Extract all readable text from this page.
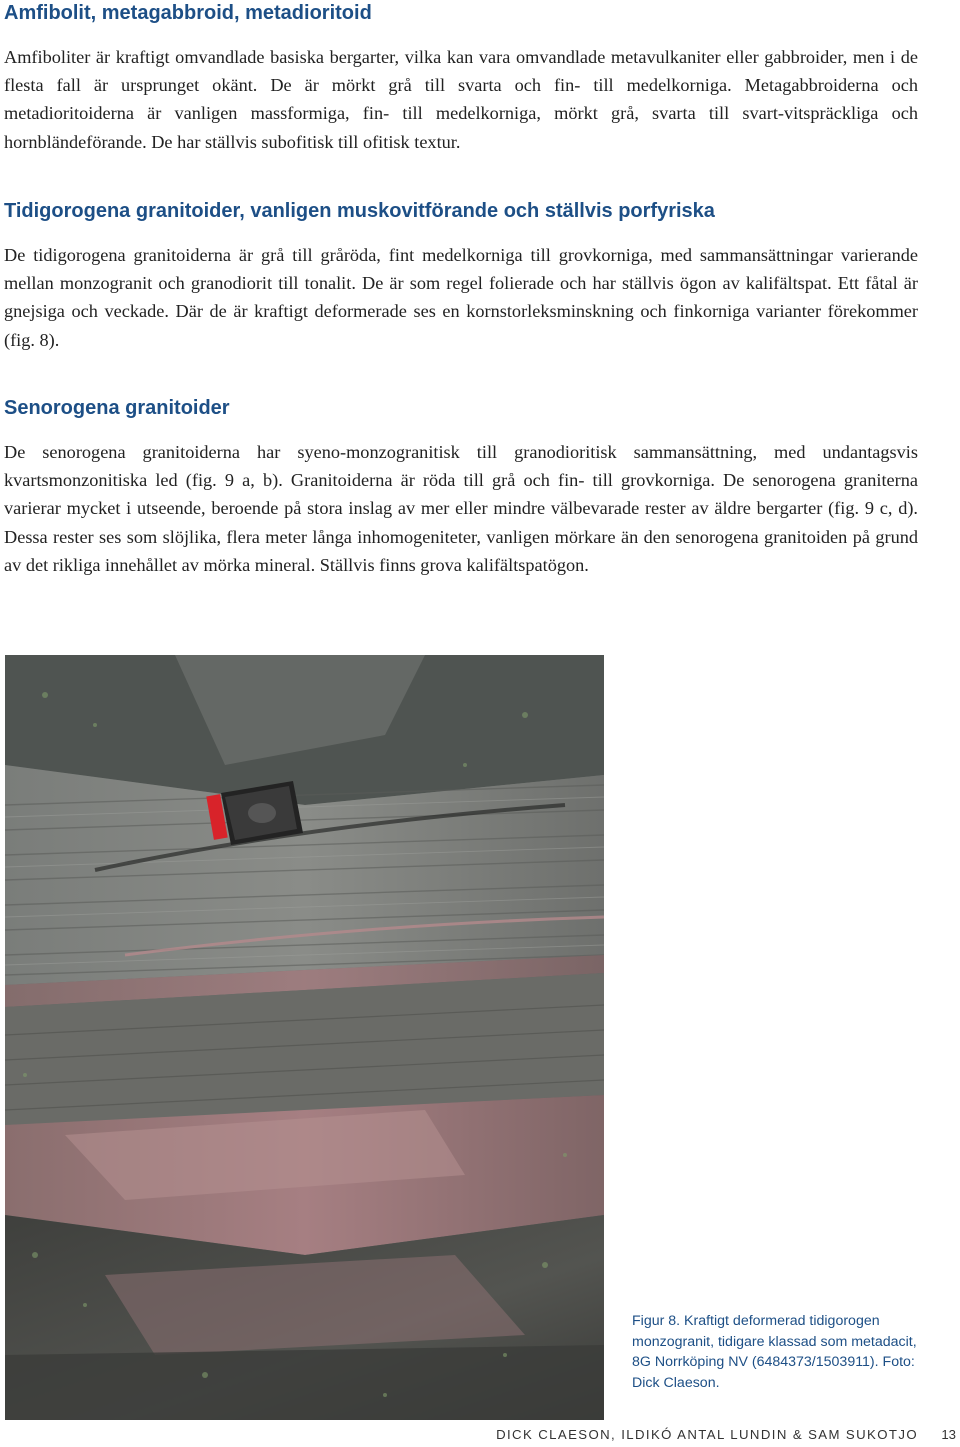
Amfibolit, metagabbroid, metadioritoid

Amfiboliter är kraftigt omvandlade basiska bergarter, vilka kan vara omvandlade metavulkaniter eller gabbroider, men i de flesta fall är ursprunget okänt. De är mörkt grå till svarta och fin- till medelkorniga. Metagabbroiderna och metadioritoiderna är vanligen massformiga, fin- till medelkorniga, mörkt grå, svarta till svart-vitspräckliga och hornbländeförande. De har ställvis subofitisk till ofitisk textur.

Tidigorogena granitoider, vanligen muskovitförande och ställvis porfyriska

De tidigorogena granitoiderna är grå till gråröda, fint medelkorniga till grovkorniga, med sammansättningar varierande mellan monzogranit och granodiorit till tonalit. De är som regel folierade och har ställvis ögon av kalifältspat. Ett fåtal är gnejsiga och veckade. Där de är kraftigt deformerade ses en kornstorleksminskning och finkorniga varianter förekommer (fig. 8).

Senorogena granitoider

De senorogena granitoiderna har syeno-monzogranitisk till granodioritisk sammansättning, med undantagsvis kvartsmonzonitiska led (fig. 9 a, b). Granitoiderna är röda till grå och fin- till grovkorniga. De senorogena graniterna varierar mycket i utseende, beroende på stora inslag av mer eller mindre välbevarade rester av äldre bergarter (fig. 9 c, d). Dessa rester ses som slöjlika, flera meter långa inhomogeniteter, vanligen mörkare än den senorogena granitoiden på grund av det rikliga innehållet av mörka mineral. Ställvis finns grova kalifältspatögon.

Figur 8. Kraftigt deformerad tidigorogen monzogranit, tidigare klassad som metadacit, 8G Norrköping NV (6484373/1503911). Foto: Dick Claeson.

DICK CLAESON, ILDIKÓ ANTAL LUNDIN & SAM SUKOTJO 13
